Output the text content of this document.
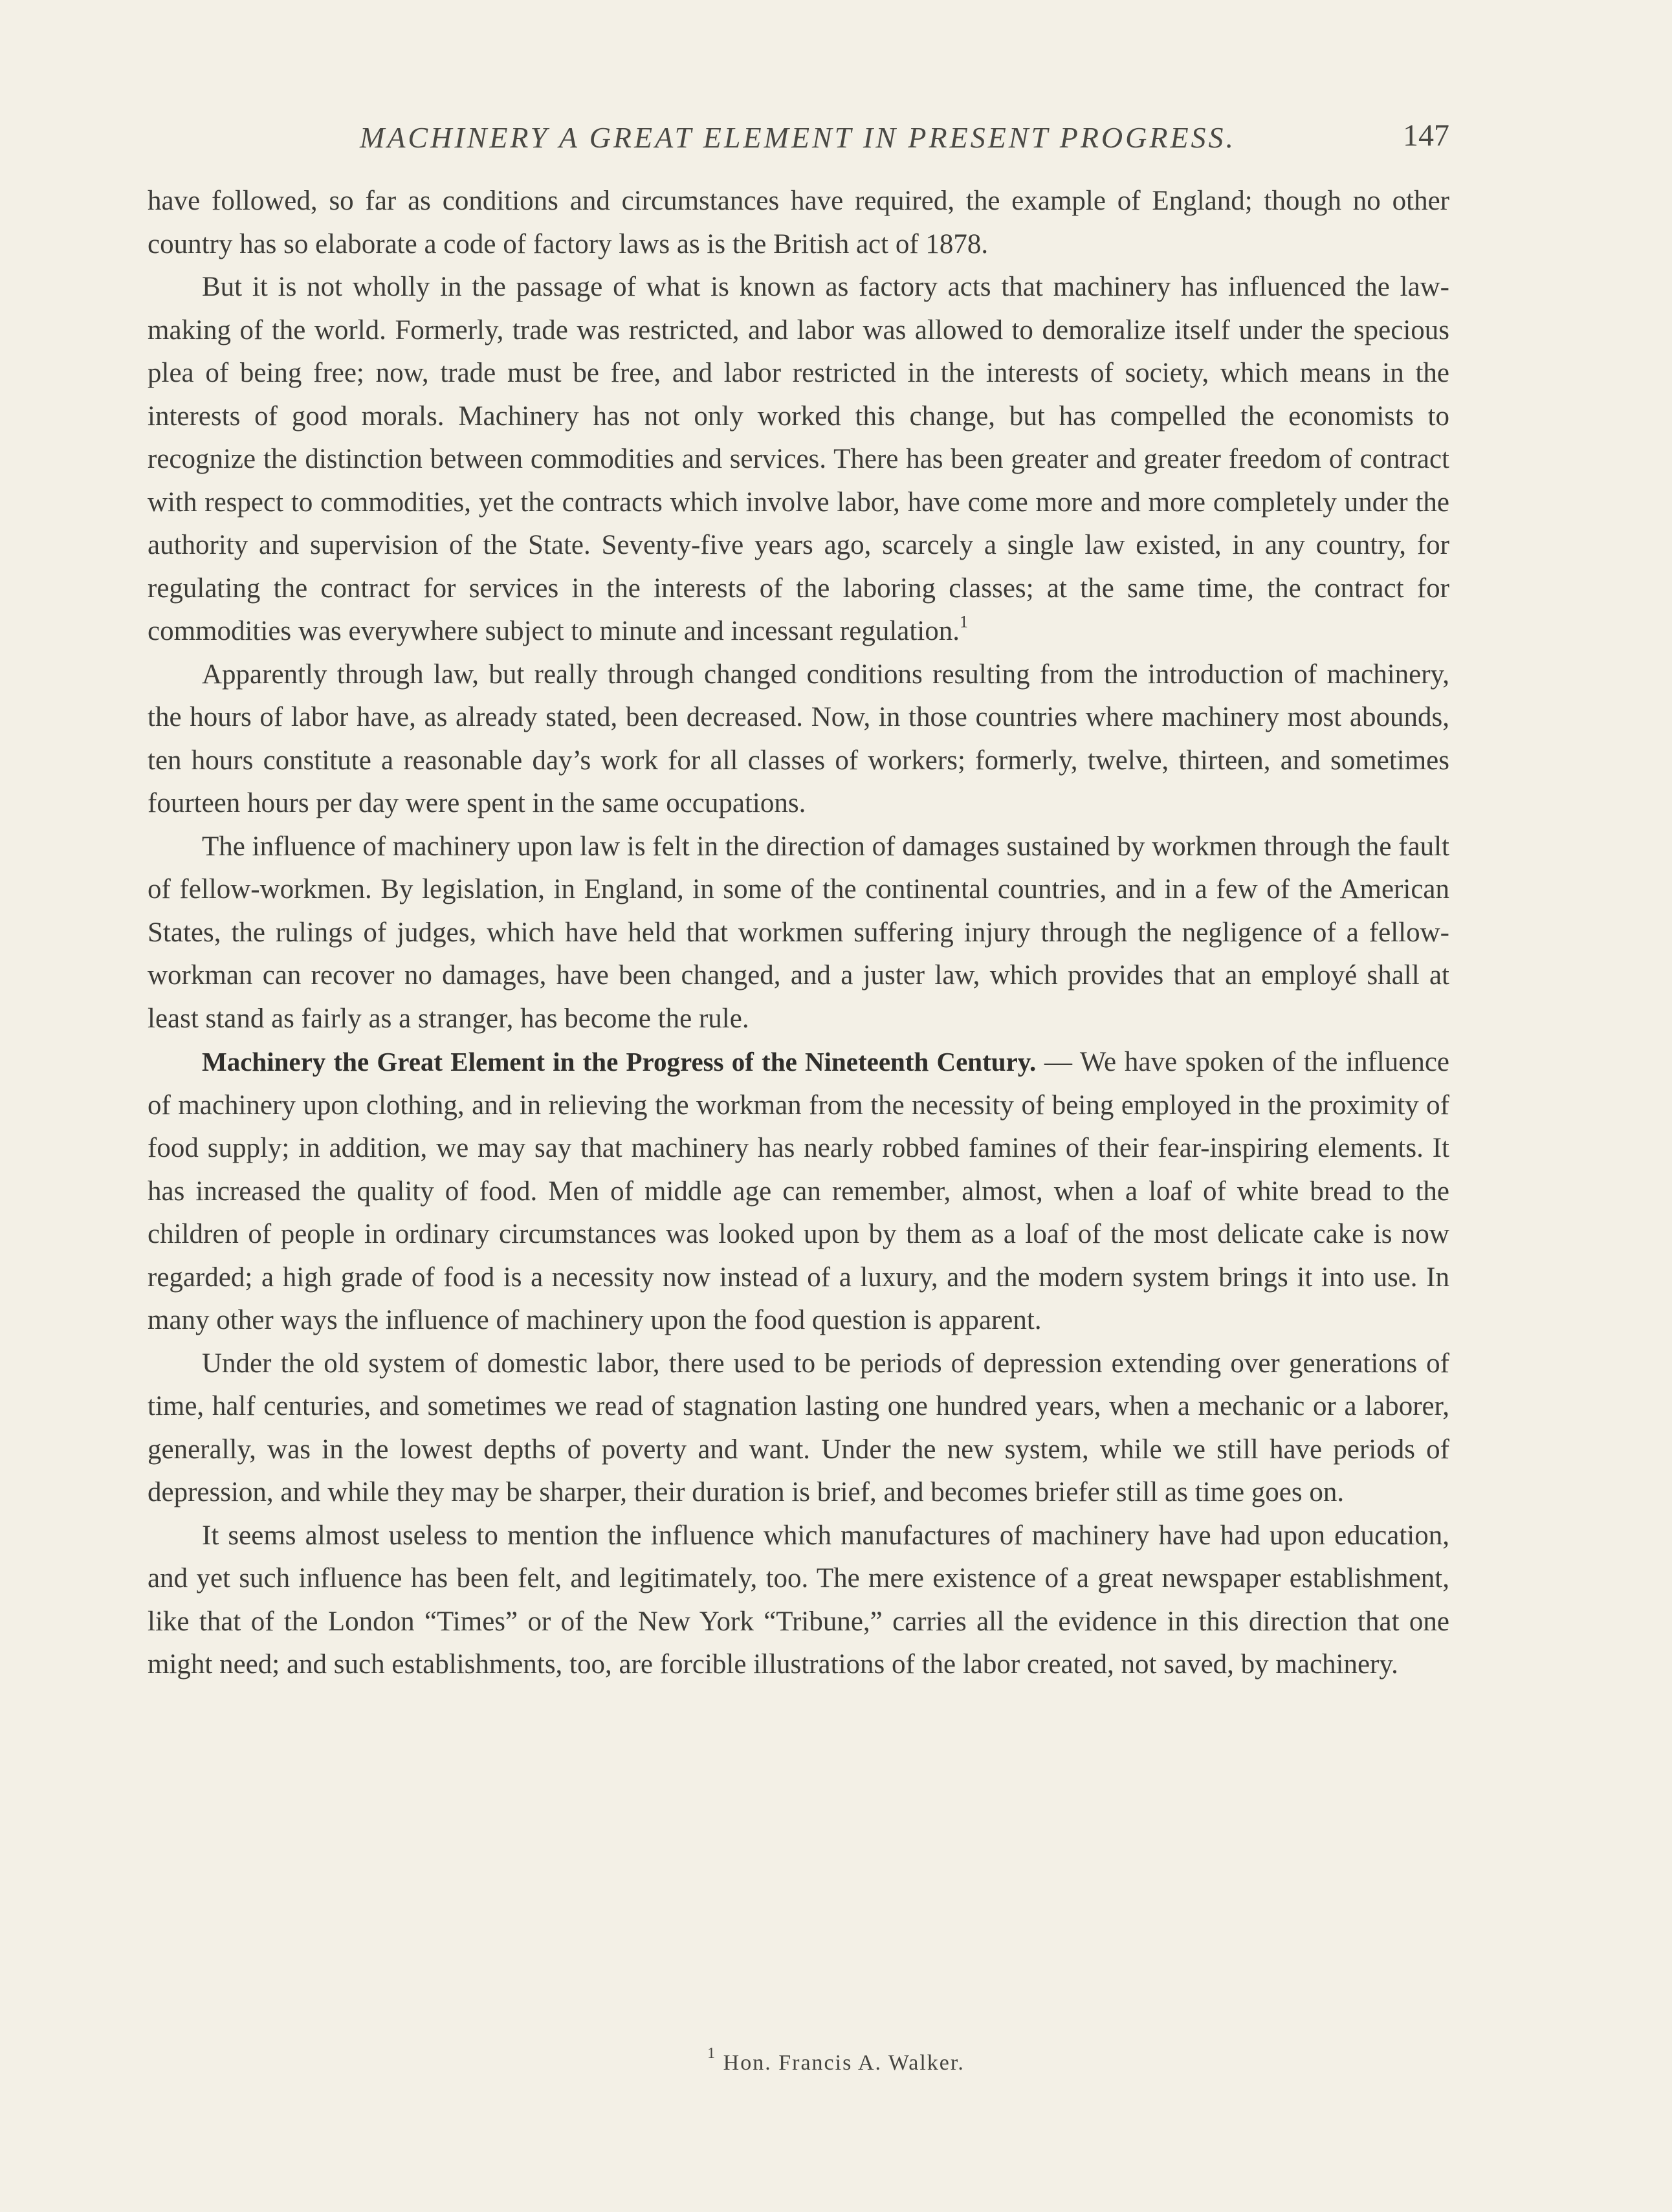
MACHINERY A GREAT ELEMENT IN PRESENT PROGRESS.	147

have followed, so far as conditions and circumstances have required, the example of England; though no other country has so elaborate a code of factory laws as is the British act of 1878.

But it is not wholly in the passage of what is known as factory acts that machinery has influenced the law-making of the world. Formerly, trade was restricted, and labor was allowed to demoralize itself under the specious plea of being free; now, trade must be free, and labor restricted in the interests of society, which means in the interests of good morals. Machinery has not only worked this change, but has compelled the economists to recognize the distinction between commodities and services. There has been greater and greater freedom of contract with respect to commodities, yet the contracts which involve labor, have come more and more completely under the authority and supervision of the State. Seventy-five years ago, scarcely a single law existed, in any country, for regulating the contract for services in the interests of the laboring classes; at the same time, the contract for commodities was everywhere subject to minute and incessant regulation.$^1$

Apparently through law, but really through changed conditions resulting from the introduction of machinery, the hours of labor have, as already stated, been decreased. Now, in those countries where machinery most abounds, ten hours constitute a reasonable day’s work for all classes of workers; formerly, twelve, thirteen, and sometimes fourteen hours per day were spent in the same occupations.

The influence of machinery upon law is felt in the direction of damages sustained by workmen through the fault of fellow-workmen. By legislation, in England, in some of the continental countries, and in a few of the American States, the rulings of judges, which have held that workmen suffering injury through the negligence of a fellow-workman can recover no damages, have been changed, and a juster law, which provides that an employé shall at least stand as fairly as a stranger, has become the rule.

Machinery the Great Element in the Progress of the Nineteenth Century. — We have spoken of the influence of machinery upon clothing, and in relieving the workman from the necessity of being employed in the proximity of food supply; in addition, we may say that machinery has nearly robbed famines of their fear-inspiring elements. It has increased the quality of food. Men of middle age can remember, almost, when a loaf of white bread to the children of people in ordinary circumstances was looked upon by them as a loaf of the most delicate cake is now regarded; a high grade of food is a necessity now instead of a luxury, and the modern system brings it into use. In many other ways the influence of machinery upon the food question is apparent.

Under the old system of domestic labor, there used to be periods of depression extending over generations of time, half centuries, and sometimes we read of stagnation lasting one hundred years, when a mechanic or a laborer, generally, was in the lowest depths of poverty and want. Under the new system, while we still have periods of depression, and while they may be sharper, their duration is brief, and becomes briefer still as time goes on.

It seems almost useless to mention the influence which manufactures of machinery have had upon education, and yet such influence has been felt, and legitimately, too. The mere existence of a great newspaper establishment, like that of the London “Times” or of the New York “Tribune,” carries all the evidence in this direction that one might need; and such establishments, too, are forcible illustrations of the labor created, not saved, by machinery.

$^1$ Hon. Francis A. Walker.
